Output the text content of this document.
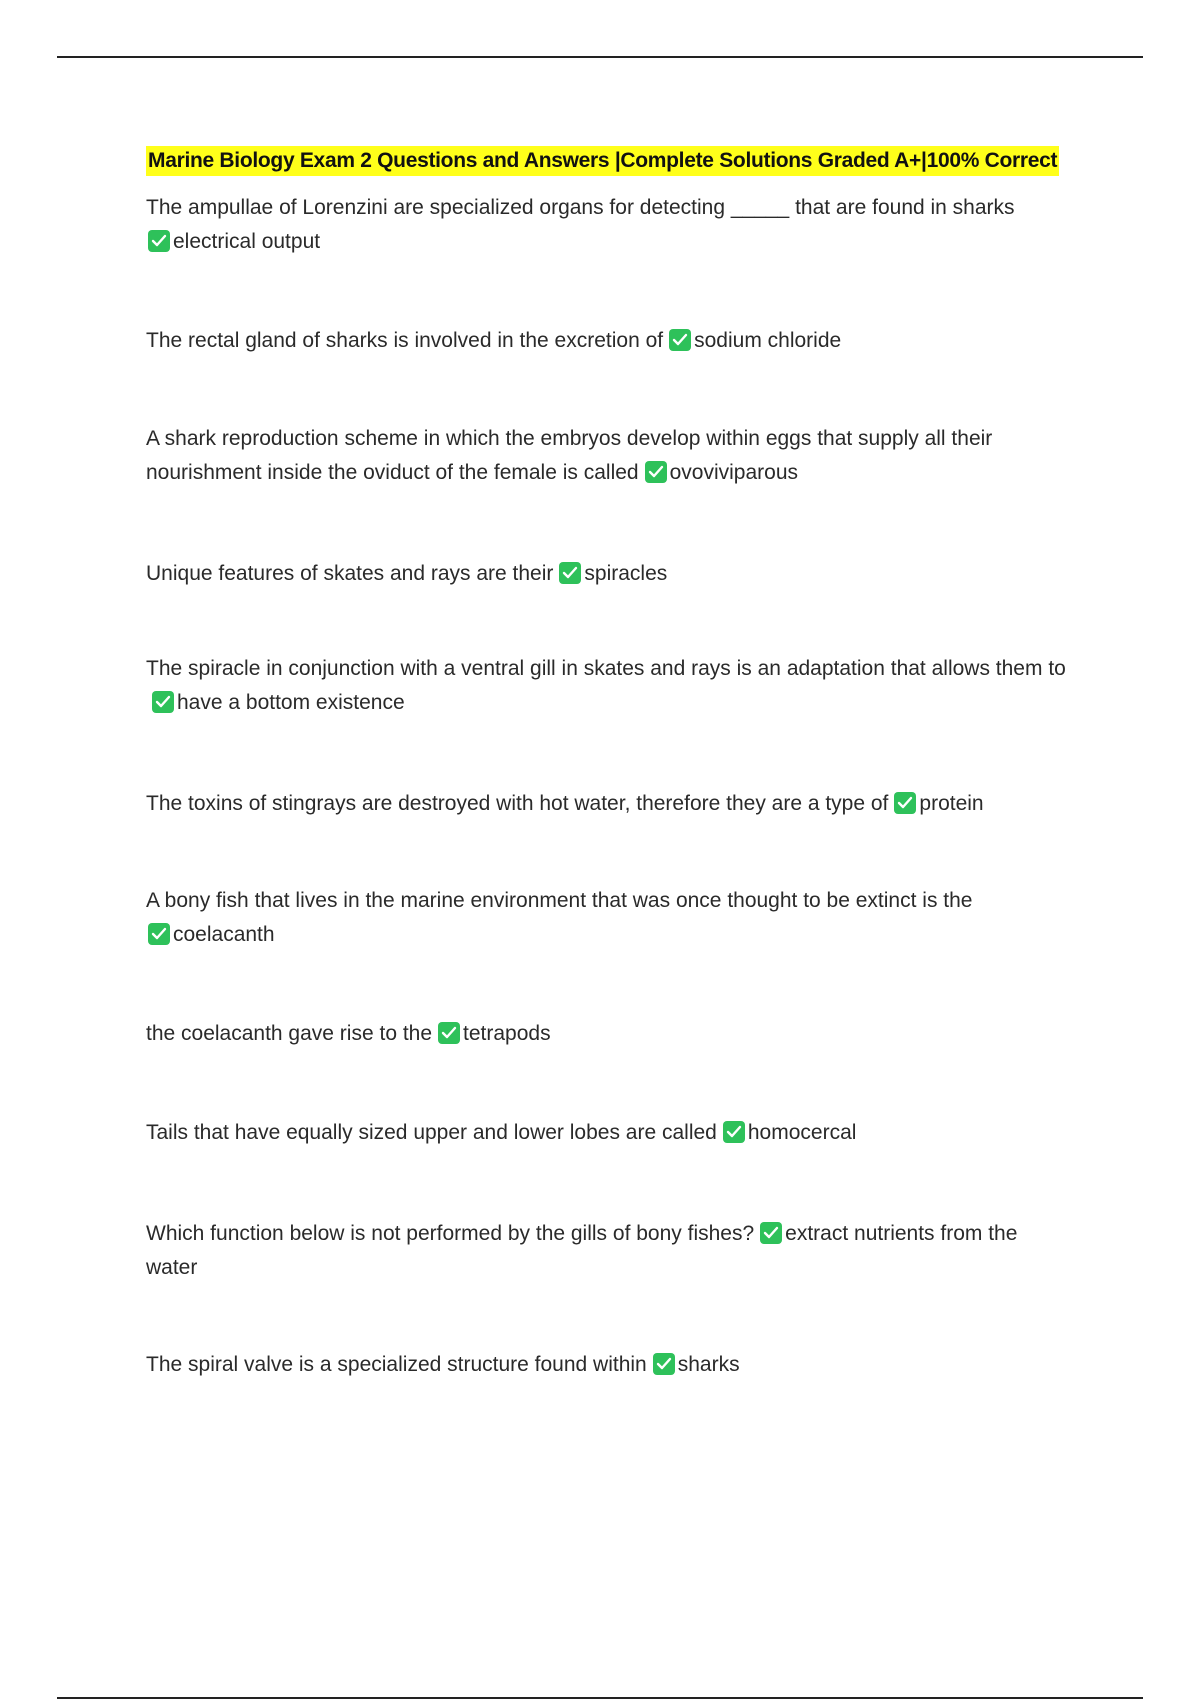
Marine Biology Exam 2 Questions and Answers |Complete Solutions Graded A+|100% Correct
The ampullae of Lorenzini are specialized organs for detecting _____ that are found in sharks

electrical output
The rectal gland of sharks is involved in the excretion of sodium chloride
A shark reproduction scheme in which the embryos develop within eggs that supply all their nourishment inside the oviduct of the female is called ovoviviparous
Unique features of skates and rays are their spiracles
The spiracle in conjunction with a ventral gill in skates and rays is an adaptation that allows them to
have a bottom existence
The toxins of stingrays are destroyed with hot water, therefore they are a type of protein
A bony fish that lives in the marine environment that was once thought to be extinct is the

coelacanth
the coelacanth gave rise to the tetrapods
Tails that have equally sized upper and lower lobes are called homocercal
Which function below is not performed by the gills of bony fishes? extract nutrients from the water
The spiral valve is a specialized structure found within sharks
